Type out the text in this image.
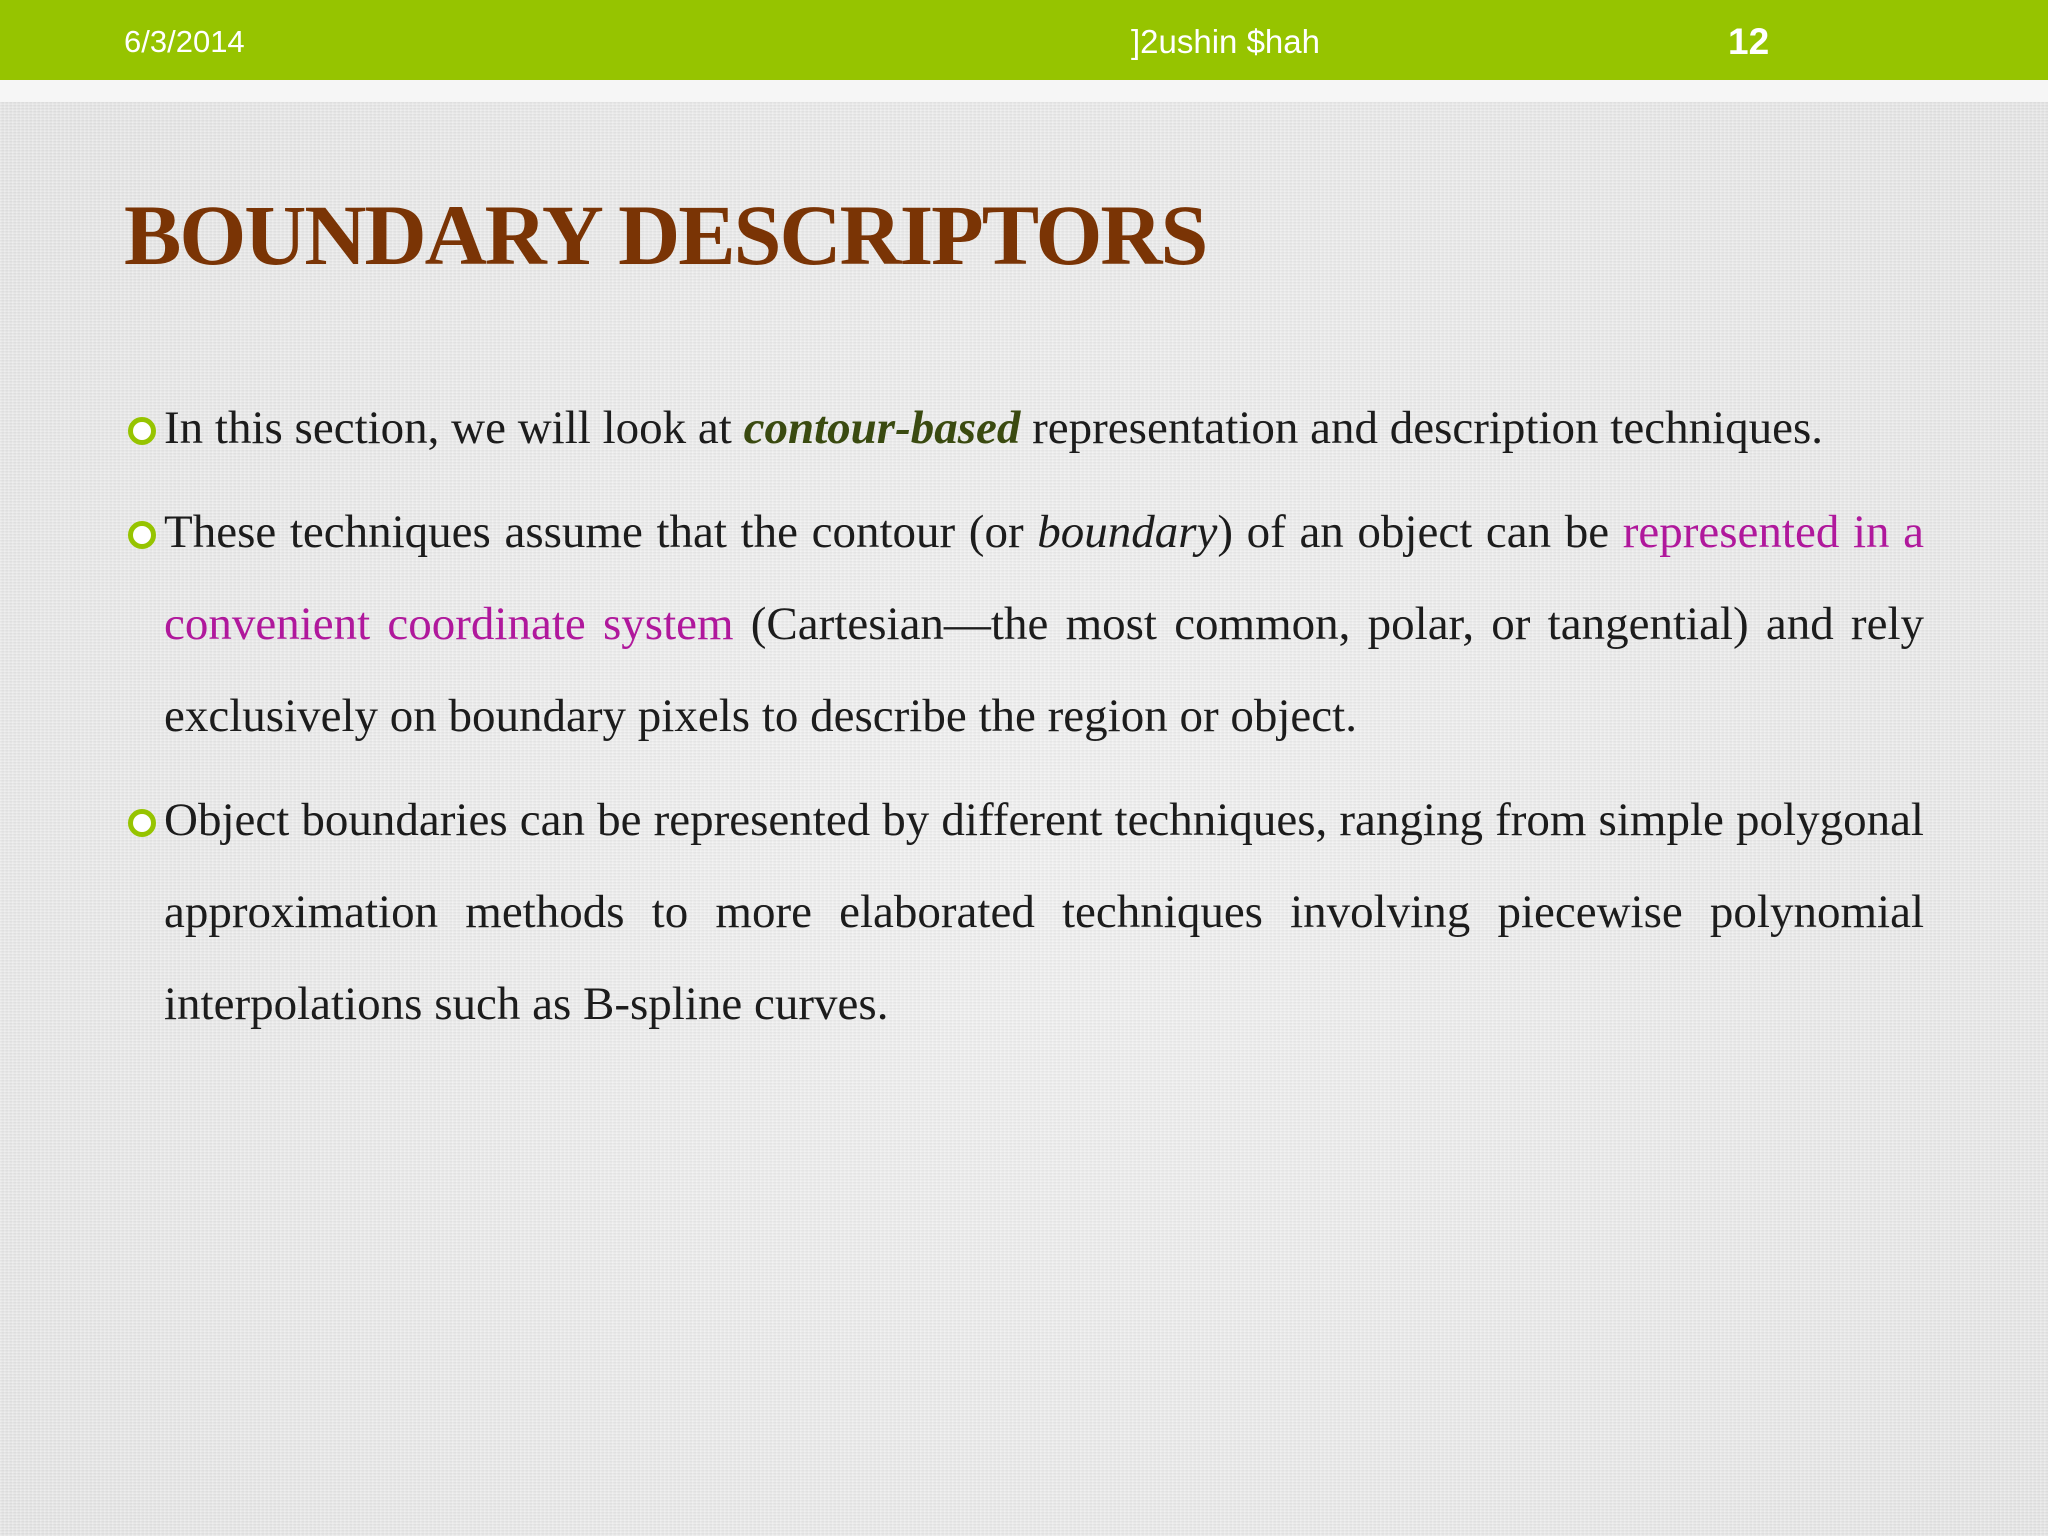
6/3/2014	]2ushin $hah	12
BOUNDARY DESCRIPTORS
In this section, we will look at contour-based representation and description techniques.
These techniques assume that the contour (or boundary) of an object can be represented in a convenient coordinate system (Cartesian—the most common, polar, or tangential) and rely exclusively on boundary pixels to describe the region or object.
Object boundaries can be represented by different techniques, ranging from simple polygonal approximation methods to more elaborated techniques involving piecewise polynomial interpolations such as B-spline curves.
